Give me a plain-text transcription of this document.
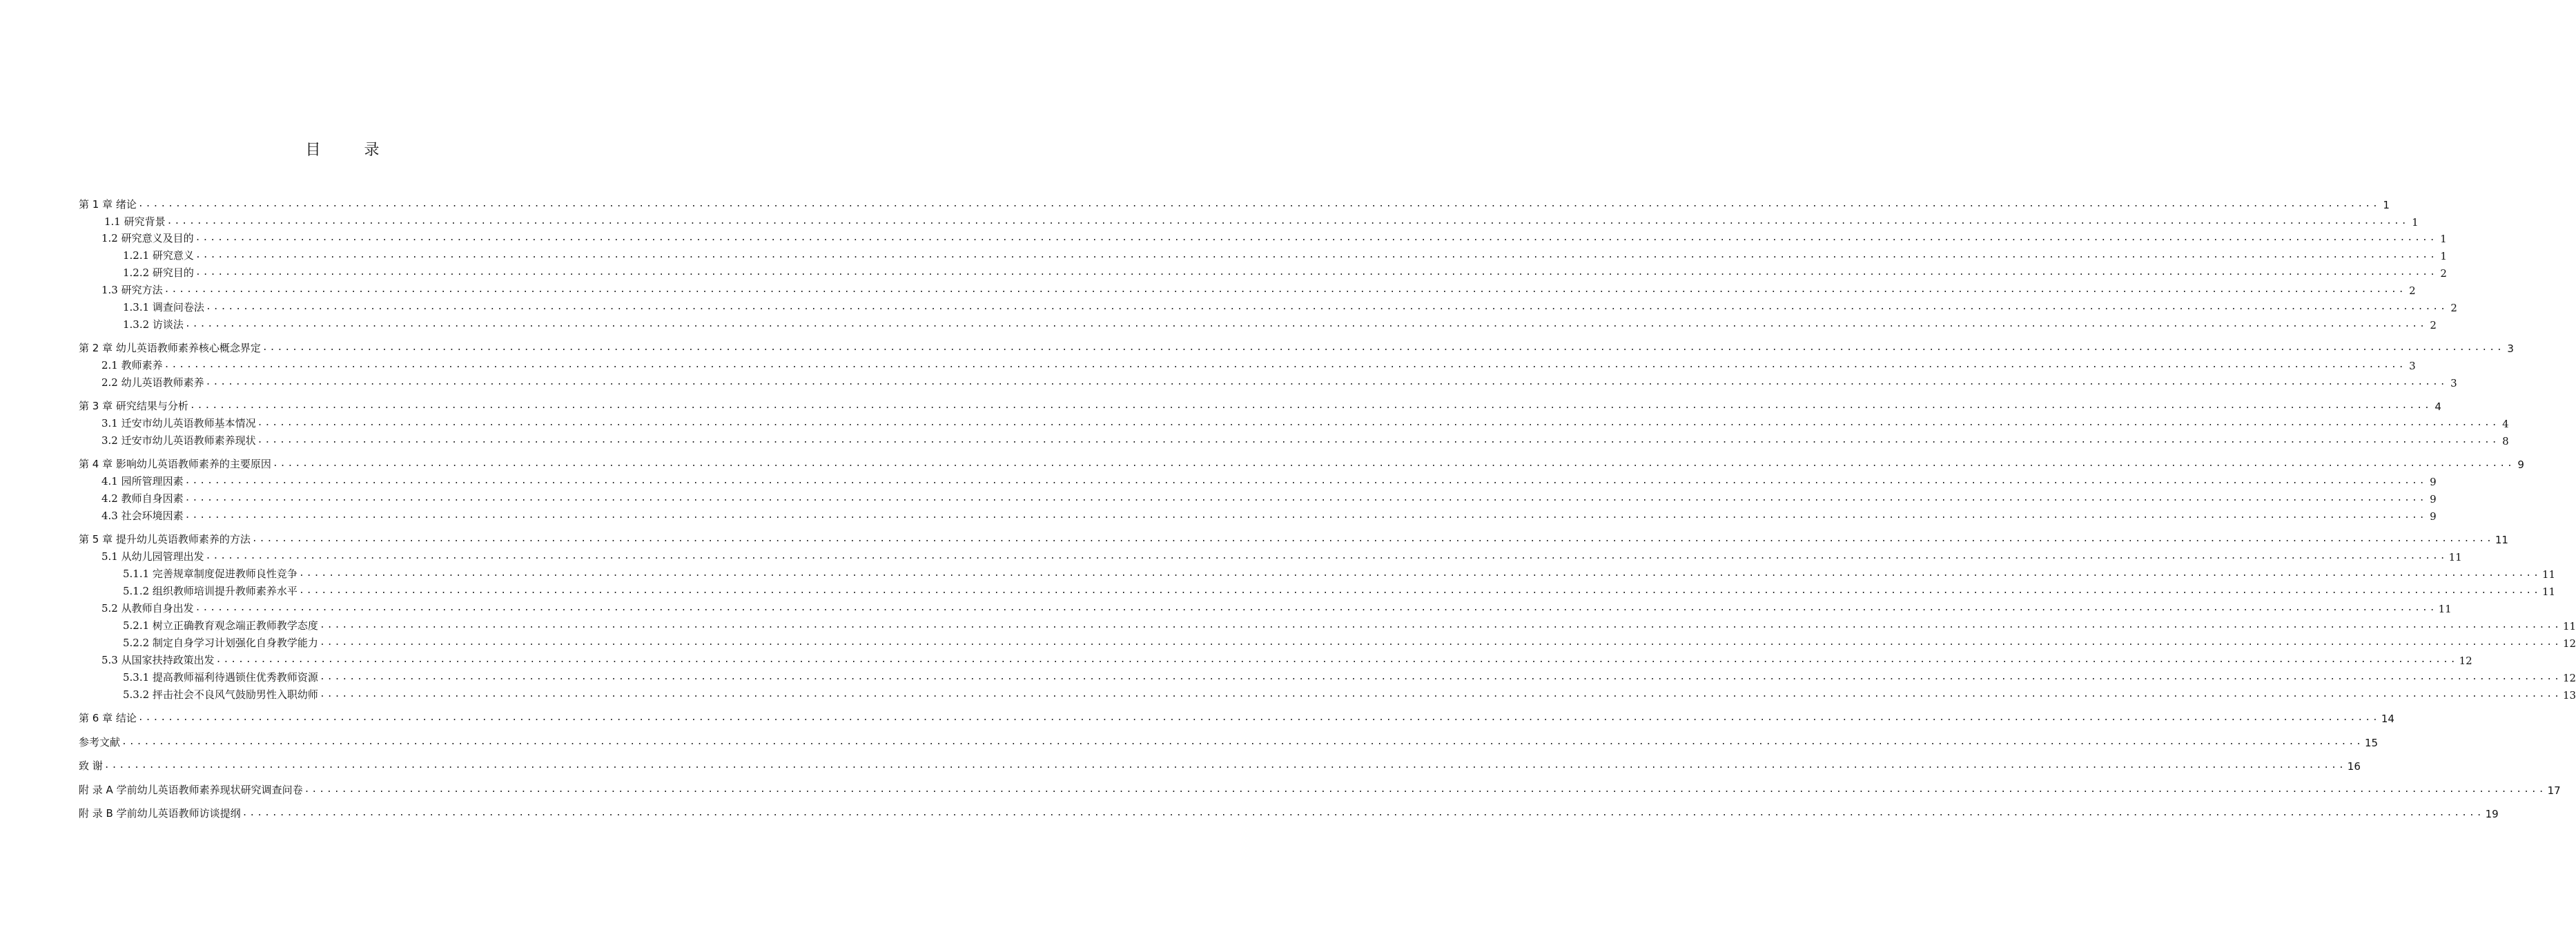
目 录
第 1 章 绪论 ............................................................................................................................................................................................................................................................................................................ 1
1.1 研究背景 ............................................................................................................................................................................................................................................................................................................ 1
1.2 研究意义及目的 ............................................................................................................................................................................................................................................................................................................ 1
1.2.1 研究意义 ............................................................................................................................................................................................................................................................................................................ 1
1.2.2 研究目的 ............................................................................................................................................................................................................................................................................................................ 2
1.3 研究方法 ............................................................................................................................................................................................................................................................................................................ 2
1.3.1 调查问卷法 ............................................................................................................................................................................................................................................................................................................ 2
1.3.2 访谈法 ............................................................................................................................................................................................................................................................................................................ 2
第 2 章 幼儿英语教师素养核心概念界定 ............................................................................................................................................................................................................................................................................................................ 3
2.1 教师素养 ............................................................................................................................................................................................................................................................................................................ 3
2.2 幼儿英语教师素养 ............................................................................................................................................................................................................................................................................................................ 3
第 3 章 研究结果与分析 ............................................................................................................................................................................................................................................................................................................ 4
3.1 迁安市幼儿英语教师基本情况 ............................................................................................................................................................................................................................................................................................................ 4
3.2 迁安市幼儿英语教师素养现状 ............................................................................................................................................................................................................................................................................................................ 8
第 4 章 影响幼儿英语教师素养的主要原因 ............................................................................................................................................................................................................................................................................................................ 9
4.1 园所管理因素 ............................................................................................................................................................................................................................................................................................................ 9
4.2 教师自身因素 ............................................................................................................................................................................................................................................................................................................ 9
4.3 社会环境因素 ............................................................................................................................................................................................................................................................................................................ 9
第 5 章 提升幼儿英语教师素养的方法 ............................................................................................................................................................................................................................................................................................................ 11
5.1 从幼儿园管理出发 ............................................................................................................................................................................................................................................................................................................ 11
5.1.1 完善规章制度促进教师良性竞争 ............................................................................................................................................................................................................................................................................................................ 11
5.1.2 组织教师培训提升教师素养水平 ............................................................................................................................................................................................................................................................................................................ 11
5.2 从教师自身出发 ............................................................................................................................................................................................................................................................................................................ 11
5.2.1 树立正确教育观念端正教师教学态度 ............................................................................................................................................................................................................................................................................................................ 11
5.2.2 制定自身学习计划强化自身教学能力 ............................................................................................................................................................................................................................................................................................................ 12
5.3 从国家扶持政策出发 ............................................................................................................................................................................................................................................................................................................ 12
5.3.1 提高教师福利待遇锁住优秀教师资源 ............................................................................................................................................................................................................................................................................................................ 12
5.3.2 抨击社会不良风气鼓励男性入职幼师 ............................................................................................................................................................................................................................................................................................................ 13
第 6 章 结论 ............................................................................................................................................................................................................................................................................................................ 14
参考文献 ............................................................................................................................................................................................................................................................................................................ 15
致 谢 ............................................................................................................................................................................................................................................................................................................ 16
附 录 A 学前幼儿英语教师素养现状研究调查问卷 ............................................................................................................................................................................................................................................................................................................ 17
附 录 B 学前幼儿英语教师访谈提纲 ............................................................................................................................................................................................................................................................................................................ 19
